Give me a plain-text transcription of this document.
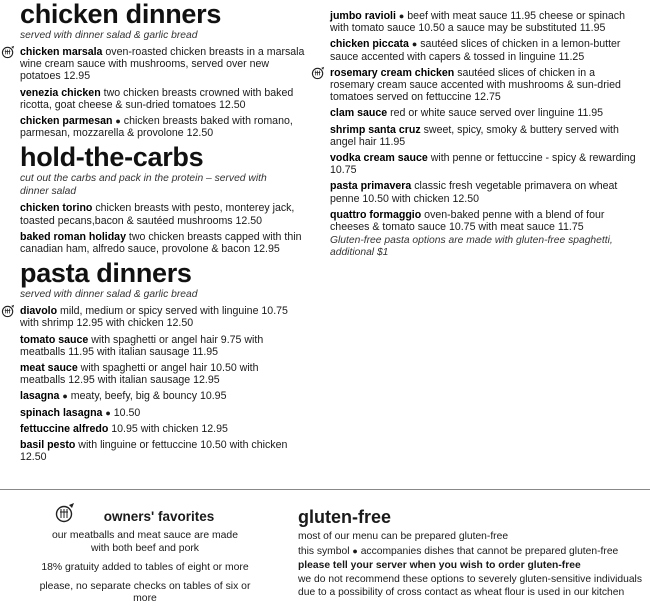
chicken dinners

served with dinner salad & garlic bread

chicken marsala oven-roasted chicken breasts in a marsala wine cream sauce with mushrooms, served over new potatoes 12.95

venezia chicken two chicken breasts crowned with baked ricotta, goat cheese & sun-dried tomatoes 12.50

chicken parmesan ● chicken breasts baked with romano, parmesan, mozzarella & provolone 12.50

hold-the-carbs

cut out the carbs and pack in the protein – served with dinner salad

chicken torino chicken breasts with pesto, monterey jack, toasted pecans,bacon & sautéed mushrooms 12.50

baked roman holiday two chicken breasts capped with thin canadian ham, alfredo sauce, provolone & bacon 12.95

pasta dinners

served with dinner salad & garlic bread

diavolo mild, medium or spicy served with linguine 10.75 with shrimp 12.95 with chicken 12.50

tomato sauce with spaghetti or angel hair 9.75 with meatballs 11.95 with italian sausage 11.95

meat sauce with spaghetti or angel hair 10.50 with meatballs 12.95 with italian sausage 12.95

lasagna ● meaty, beefy, big & bouncy 10.95

spinach lasagna ● 10.50

fettuccine alfredo 10.95 with chicken 12.95

basil pesto with linguine or fettuccine 10.50 with chicken 12.50

jumbo ravioli ● beef with meat sauce 11.95 cheese or spinach with tomato sauce 10.50 a sauce may be substituted 11.95

chicken piccata ● sautéed slices of chicken in a lemon-butter sauce accented with capers & tossed in linguine 11.25

rosemary cream chicken sautéed slices of chicken in a rosemary cream sauce accented with mushrooms & sun-dried tomatoes served on fettuccine 12.75

clam sauce red or white sauce served over linguine 11.95

shrimp santa cruz sweet, spicy, smoky & buttery served with angel hair 11.95

vodka cream sauce with penne or fettuccine - spicy & rewarding 10.75

pasta primavera classic fresh vegetable primavera on wheat penne 10.50 with chicken 12.50

quattro formaggio oven-baked penne with a blend of four cheeses & tomato sauce 10.75 with meat sauce 11.75

Gluten-free pasta options are made with gluten-free spaghetti, additional $1

owners' favorites

our meatballs and meat sauce are made

with both beef and pork

18% gratuity added to tables of eight or more

please, no separate checks on tables of six or more

gluten-free

most of our menu can be prepared gluten-free

this symbol ● accompanies dishes that cannot be prepared gluten-free

please tell your server when you wish to order gluten-free

we do not recommend these options to severely gluten-sensitive individuals due to a possibility of cross contact as wheat flour is used in our kitchen
